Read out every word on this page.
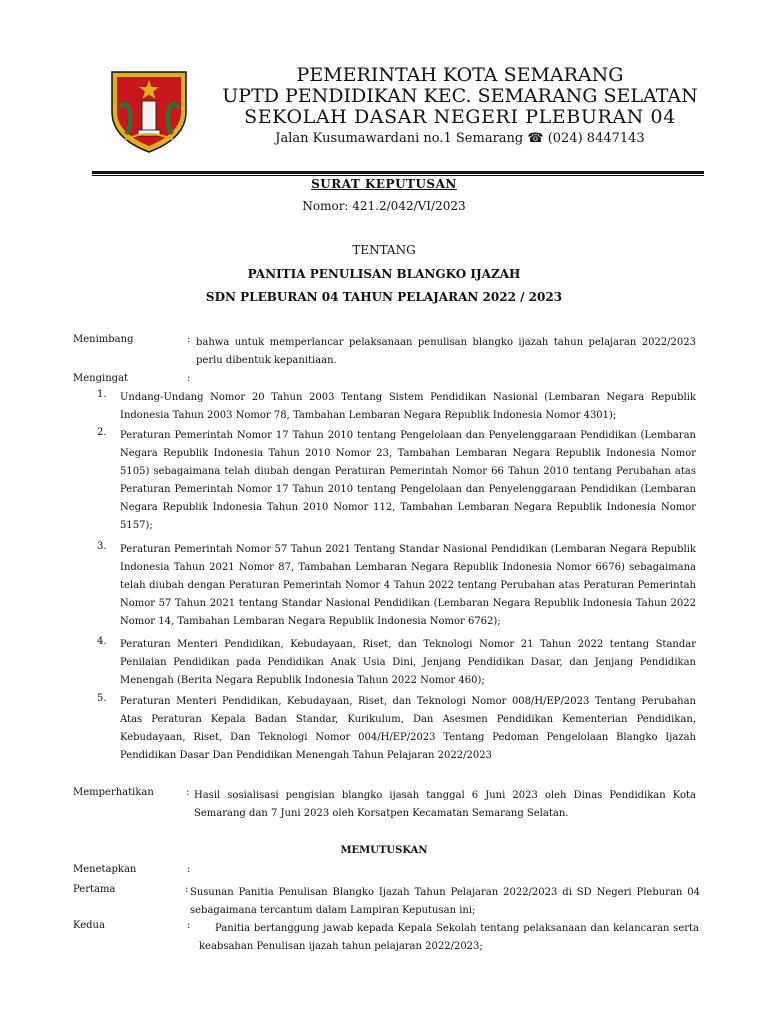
PEMERINTAH KOTA SEMARANG
UPTD PENDIDIKAN KEC. SEMARANG SELATAN
SEKOLAH DASAR NEGERI PLEBURAN 04
Jalan Kusumawardani no.1 Semarang ☎ (024) 8447143
SURAT KEPUTUSAN
Nomor: 421.2/042/VI/2023
TENTANG
PANITIA PENULISAN BLANGKO IJAZAH
SDN PLEBURAN 04 TAHUN PELAJARAN 2022 / 2023
Menimbang	: bahwa untuk memperlancar pelaksanaan penulisan blangko ijazah tahun pelajaran 2022/2023 perlu dibentuk kepanitiaan.
Mengingat	:
1. Undang-Undang Nomor 20 Tahun 2003 Tentang Sistem Pendidikan Nasional (Lembaran Negara Republik Indonesia Tahun 2003 Nomor 78, Tambahan Lembaran Negara Republik Indonesia Nomor 4301);
2. Peraturan Pemerintah Nomor 17 Tahun 2010 tentang Pengelolaan dan Penyelenggaraan Pendidikan (Lembaran Negara Republik Indonesia Tahun 2010 Nomor 23, Tambahan Lembaran Negara Republik Indonesia Nomor 5105) sebagaimana telah diubah dengan Peraturan Pemerintah Nomor 66 Tahun 2010 tentang Perubahan atas Peraturan Pemerintah Nomor 17 Tahun 2010 tentang Pengelolaan dan Penyelenggaraan Pendidikan (Lembaran Negara Republik Indonesia Tahun 2010 Nomor 112, Tambahan Lembaran Negara Republik Indonesia Nomor 5157);
3. Peraturan Pemerintah Nomor 57 Tahun 2021 Tentang Standar Nasional Pendidikan (Lembaran Negara Republik Indonesia Tahun 2021 Nomor 87, Tambahan Lembaran Negara Republik Indonesia Nomor 6676) sebagaimana telah diubah dengan Peraturan Pemerintah Nomor 4 Tahun 2022 tentang Perubahan atas Peraturan Pemerintah Nomor 57 Tahun 2021 tentang Standar Nasional Pendidikan (Lembaran Negara Republik Indonesia Tahun 2022 Nomor 14, Tambahan Lembaran Negara Republik Indonesia Nomor 6762);
4. Peraturan Menteri Pendidikan, Kebudayaan, Riset, dan Teknologi Nomor 21 Tahun 2022 tentang Standar Penilaian Pendidikan pada Pendidikan Anak Usia Dini, Jenjang Pendidikan Dasar, dan Jenjang Pendidikan Menengah (Berita Negara Republik Indonesia Tahun 2022 Nomor 460);
5. Peraturan Menteri Pendidikan, Kebudayaan, Riset, dan Teknologi Nomor 008/H/EP/2023 Tentang Perubahan Atas Peraturan Kepala Badan Standar, Kurikulum, Dan Asesmen Pendidikan Kementerian Pendidikan, Kebudayaan, Riset, Dan Teknologi Nomor 004/H/EP/2023 Tentang Pedoman Pengelolaan Blangko Ijazah Pendidikan Dasar Dan Pendidikan Menengah Tahun Pelajaran 2022/2023
Memperhatikan	: Hasil sosialisasi pengisian blangko ijasah tanggal 6 Juni 2023 oleh Dinas Pendidikan Kota Semarang dan 7 Juni 2023 oleh Korsatpen Kecamatan Semarang Selatan.
MEMUTUSKAN
Menetapkan	:
Pertama	: Susunan Panitia Penulisan Blangko Ijazah Tahun Pelajaran 2022/2023 di SD Negeri Pleburan 04 sebagaimana tercantum dalam Lampiran Keputusan ini;
Kedua	:	Panitia bertanggung jawab kepada Kepala Sekolah tentang pelaksanaan dan kelancaran serta keabsahan Penulisan ijazah tahun pelajaran 2022/2023;
